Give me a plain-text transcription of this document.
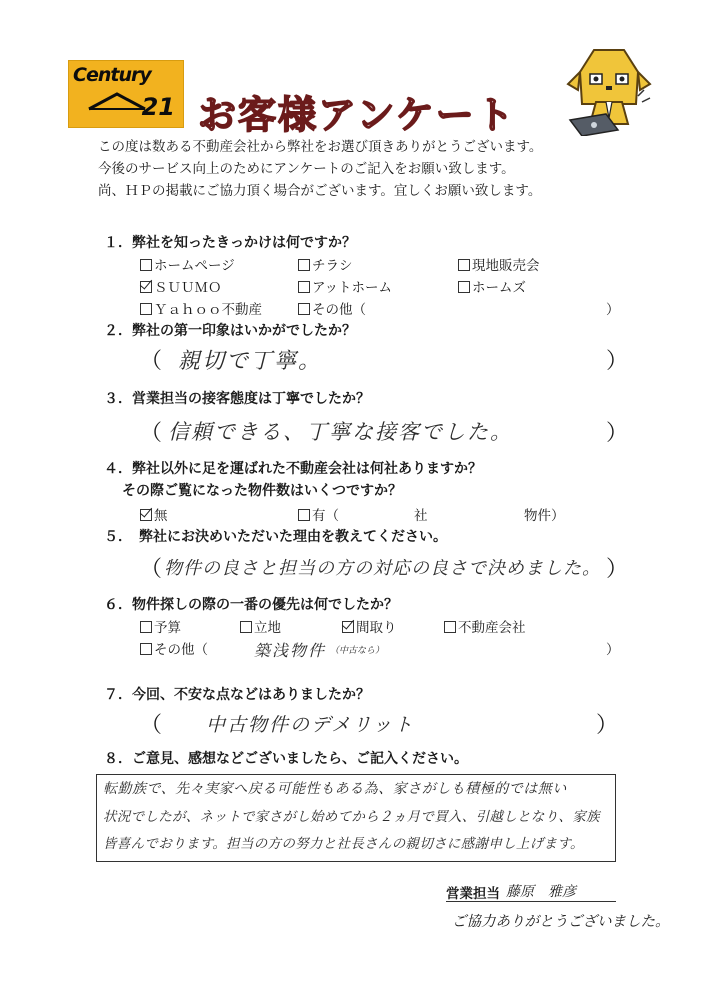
Century
21 お客様アンケート
この度は数ある不動産会社から弊社をお選び頂きありがとうございます。
今後のサービス向上のためにアンケートのご記入をお願い致します。
尚、ＨＰの掲載にご協力頂く場合がございます。宜しくお願い致します。
１．弊社を知ったきっかけは何ですか？
ホームページ	チラシ	現地販売会
ＳＵＵＭＯ	アットホーム	ホームズ
Ｙａｈｏｏ不動産	その他（	）
２．弊社の第一印象はいかがでしたか？
（ 親切で丁寧。	）
３．営業担当の接客態度は丁寧でしたか？
（ 信頼できる、丁寧な接客でした。	）
４．弊社以外に足を運ばれた不動産会社は何社ありますか？
その際ご覧になった物件数はいくつですか？
無	有（	社	物件）
５．　弊社にお決めいただいた理由を教えてください。
（ 物件の良さと担当の方の対応の良さで決めました。 ）
６．物件探しの際の一番の優先は何でしたか？
予算	立地	間取り	不動産会社
その他（	築浅物件 （中古なら）	）
７．今回、不安な点などはありましたか？
（ 中古物件のデメリット	）
８．ご意見、感想などございましたら、ご記入ください。
転勤族で、先々実家へ戻る可能性もある為、家さがしも積極的では無い
状況でしたが、ネットで家さがし始めてから２ヵ月で買入、引越しとなり、家族
皆喜んでおります。担当の方の努力と社長さんの親切さに感謝申し上げます。
営業担当 藤原　雅彦
ご協力ありがとうございました。
